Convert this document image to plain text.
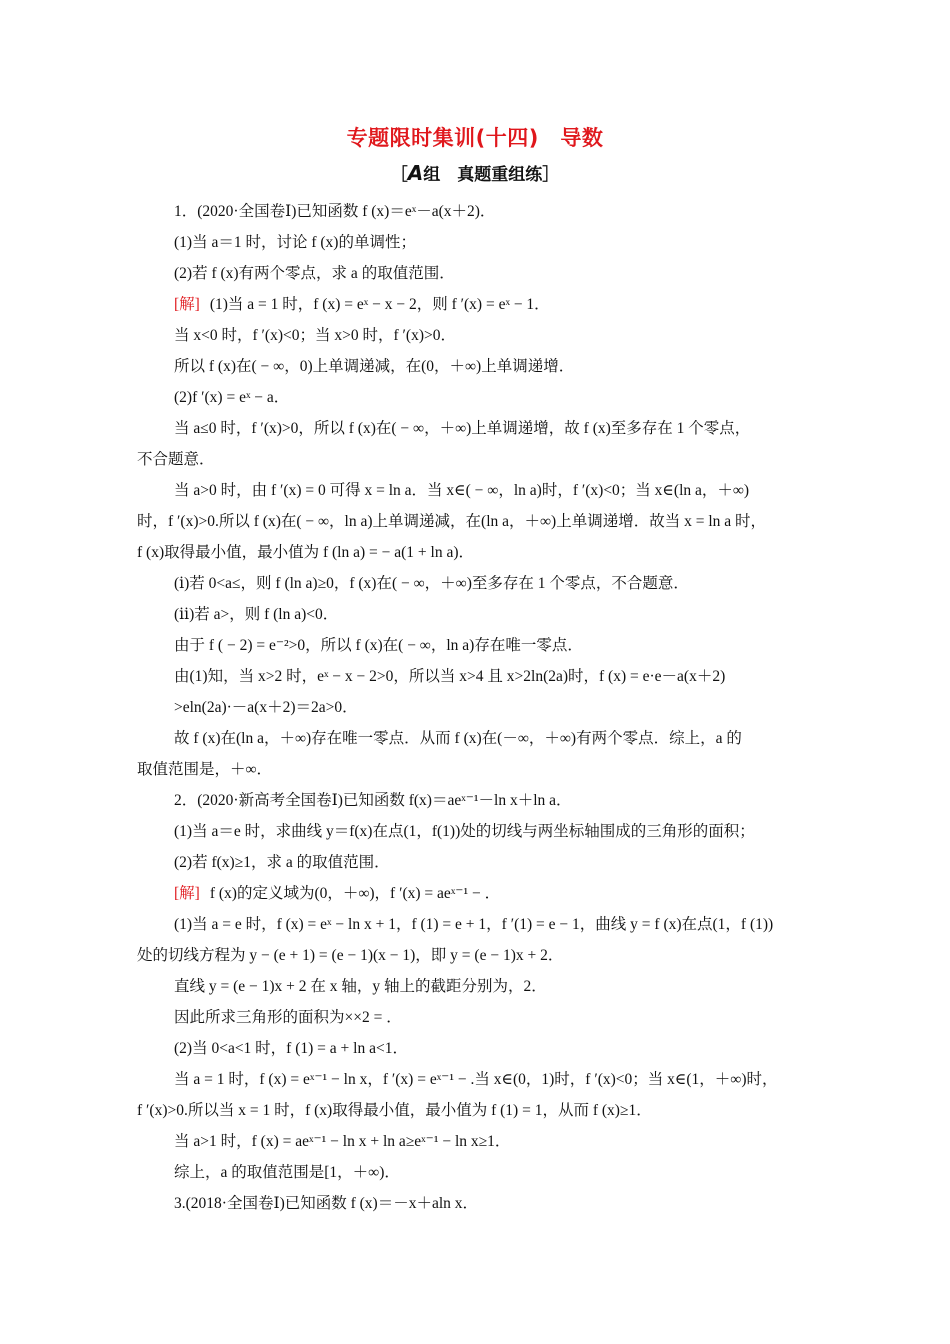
专题限时集训(十四)　导数
［A组　真题重组练］
1．(2020·全国卷Ⅰ)已知函数 f (x)＝eˣ－a(x＋2)．
(1)当 a＝1 时，讨论 f (x)的单调性；
(2)若 f (x)有两个零点，求 a 的取值范围．
[解] (1)当 a = 1 时，f (x) = eˣ − x − 2，则 f ′(x) = eˣ − 1．
当 x<0 时，f ′(x)<0；当 x>0 时，f ′(x)>0．
所以 f (x)在( − ∞，0)上单调递减，在(0，＋∞)上单调递增．
(2)f ′(x) = eˣ − a．
当 a≤0 时，f ′(x)>0，所以 f (x)在( − ∞，＋∞)上单调递增，故 f (x)至多存在 1 个零点，
不合题意．
当 a>0 时，由 f ′(x) = 0 可得 x = ln a．当 x∈( − ∞，ln a)时，f ′(x)<0；当 x∈(ln a，＋∞)
时，f ′(x)>0.所以 f (x)在( − ∞，ln a)上单调递减，在(ln a，＋∞)上单调递增．故当 x = ln a 时，
f (x)取得最小值，最小值为 f (ln a) = − a(1 + ln a)．
(ⅰ)若 0<a≤，则 f (ln a)≥0，f (x)在( − ∞，＋∞)至多存在 1 个零点，不合题意．
(ⅱ)若 a>，则 f (ln a)<0．
由于 f ( − 2) = e⁻²>0，所以 f (x)在( − ∞，ln a)存在唯一零点．
由(1)知，当 x>2 时，eˣ − x − 2>0，所以当 x>4 且 x>2ln(2a)时，f (x) = e·e－a(x＋2)
>eln(2a)·－a(x＋2)＝2a>0．
故 f (x)在(ln a，＋∞)存在唯一零点．从而 f (x)在(－∞，＋∞)有两个零点．综上，a 的
取值范围是，＋∞．
2．(2020·新高考全国卷Ⅰ)已知函数 f(x)＝aeˣ⁻¹－ln x＋ln a．
(1)当 a＝e 时，求曲线 y＝f(x)在点(1，f(1))处的切线与两坐标轴围成的三角形的面积；
(2)若 f(x)≥1，求 a 的取值范围．
[解] f (x)的定义域为(0，＋∞)，f ′(x) = aeˣ⁻¹ − ．
(1)当 a = e 时，f (x) = eˣ − ln x + 1，f (1) = e + 1，f ′(1) = e − 1，曲线 y = f (x)在点(1，f (1))
处的切线方程为 y − (e + 1) = (e − 1)(x − 1)，即 y = (e − 1)x + 2．
直线 y = (e − 1)x + 2 在 x 轴，y 轴上的截距分别为，2．
因此所求三角形的面积为××2 = ．
(2)当 0<a<1 时，f (1) = a + ln a<1．
当 a = 1 时，f (x) = eˣ⁻¹ − ln x，f ′(x) = eˣ⁻¹ − .当 x∈(0，1)时，f ′(x)<0；当 x∈(1，＋∞)时，
f ′(x)>0.所以当 x = 1 时，f (x)取得最小值，最小值为 f (1) = 1，从而 f (x)≥1．
当 a>1 时，f (x) = aeˣ⁻¹ − ln x + ln a≥eˣ⁻¹ − ln x≥1．
综上，a 的取值范围是[1，＋∞)．
3.(2018·全国卷Ⅰ)已知函数 f (x)＝－x＋aln x．
